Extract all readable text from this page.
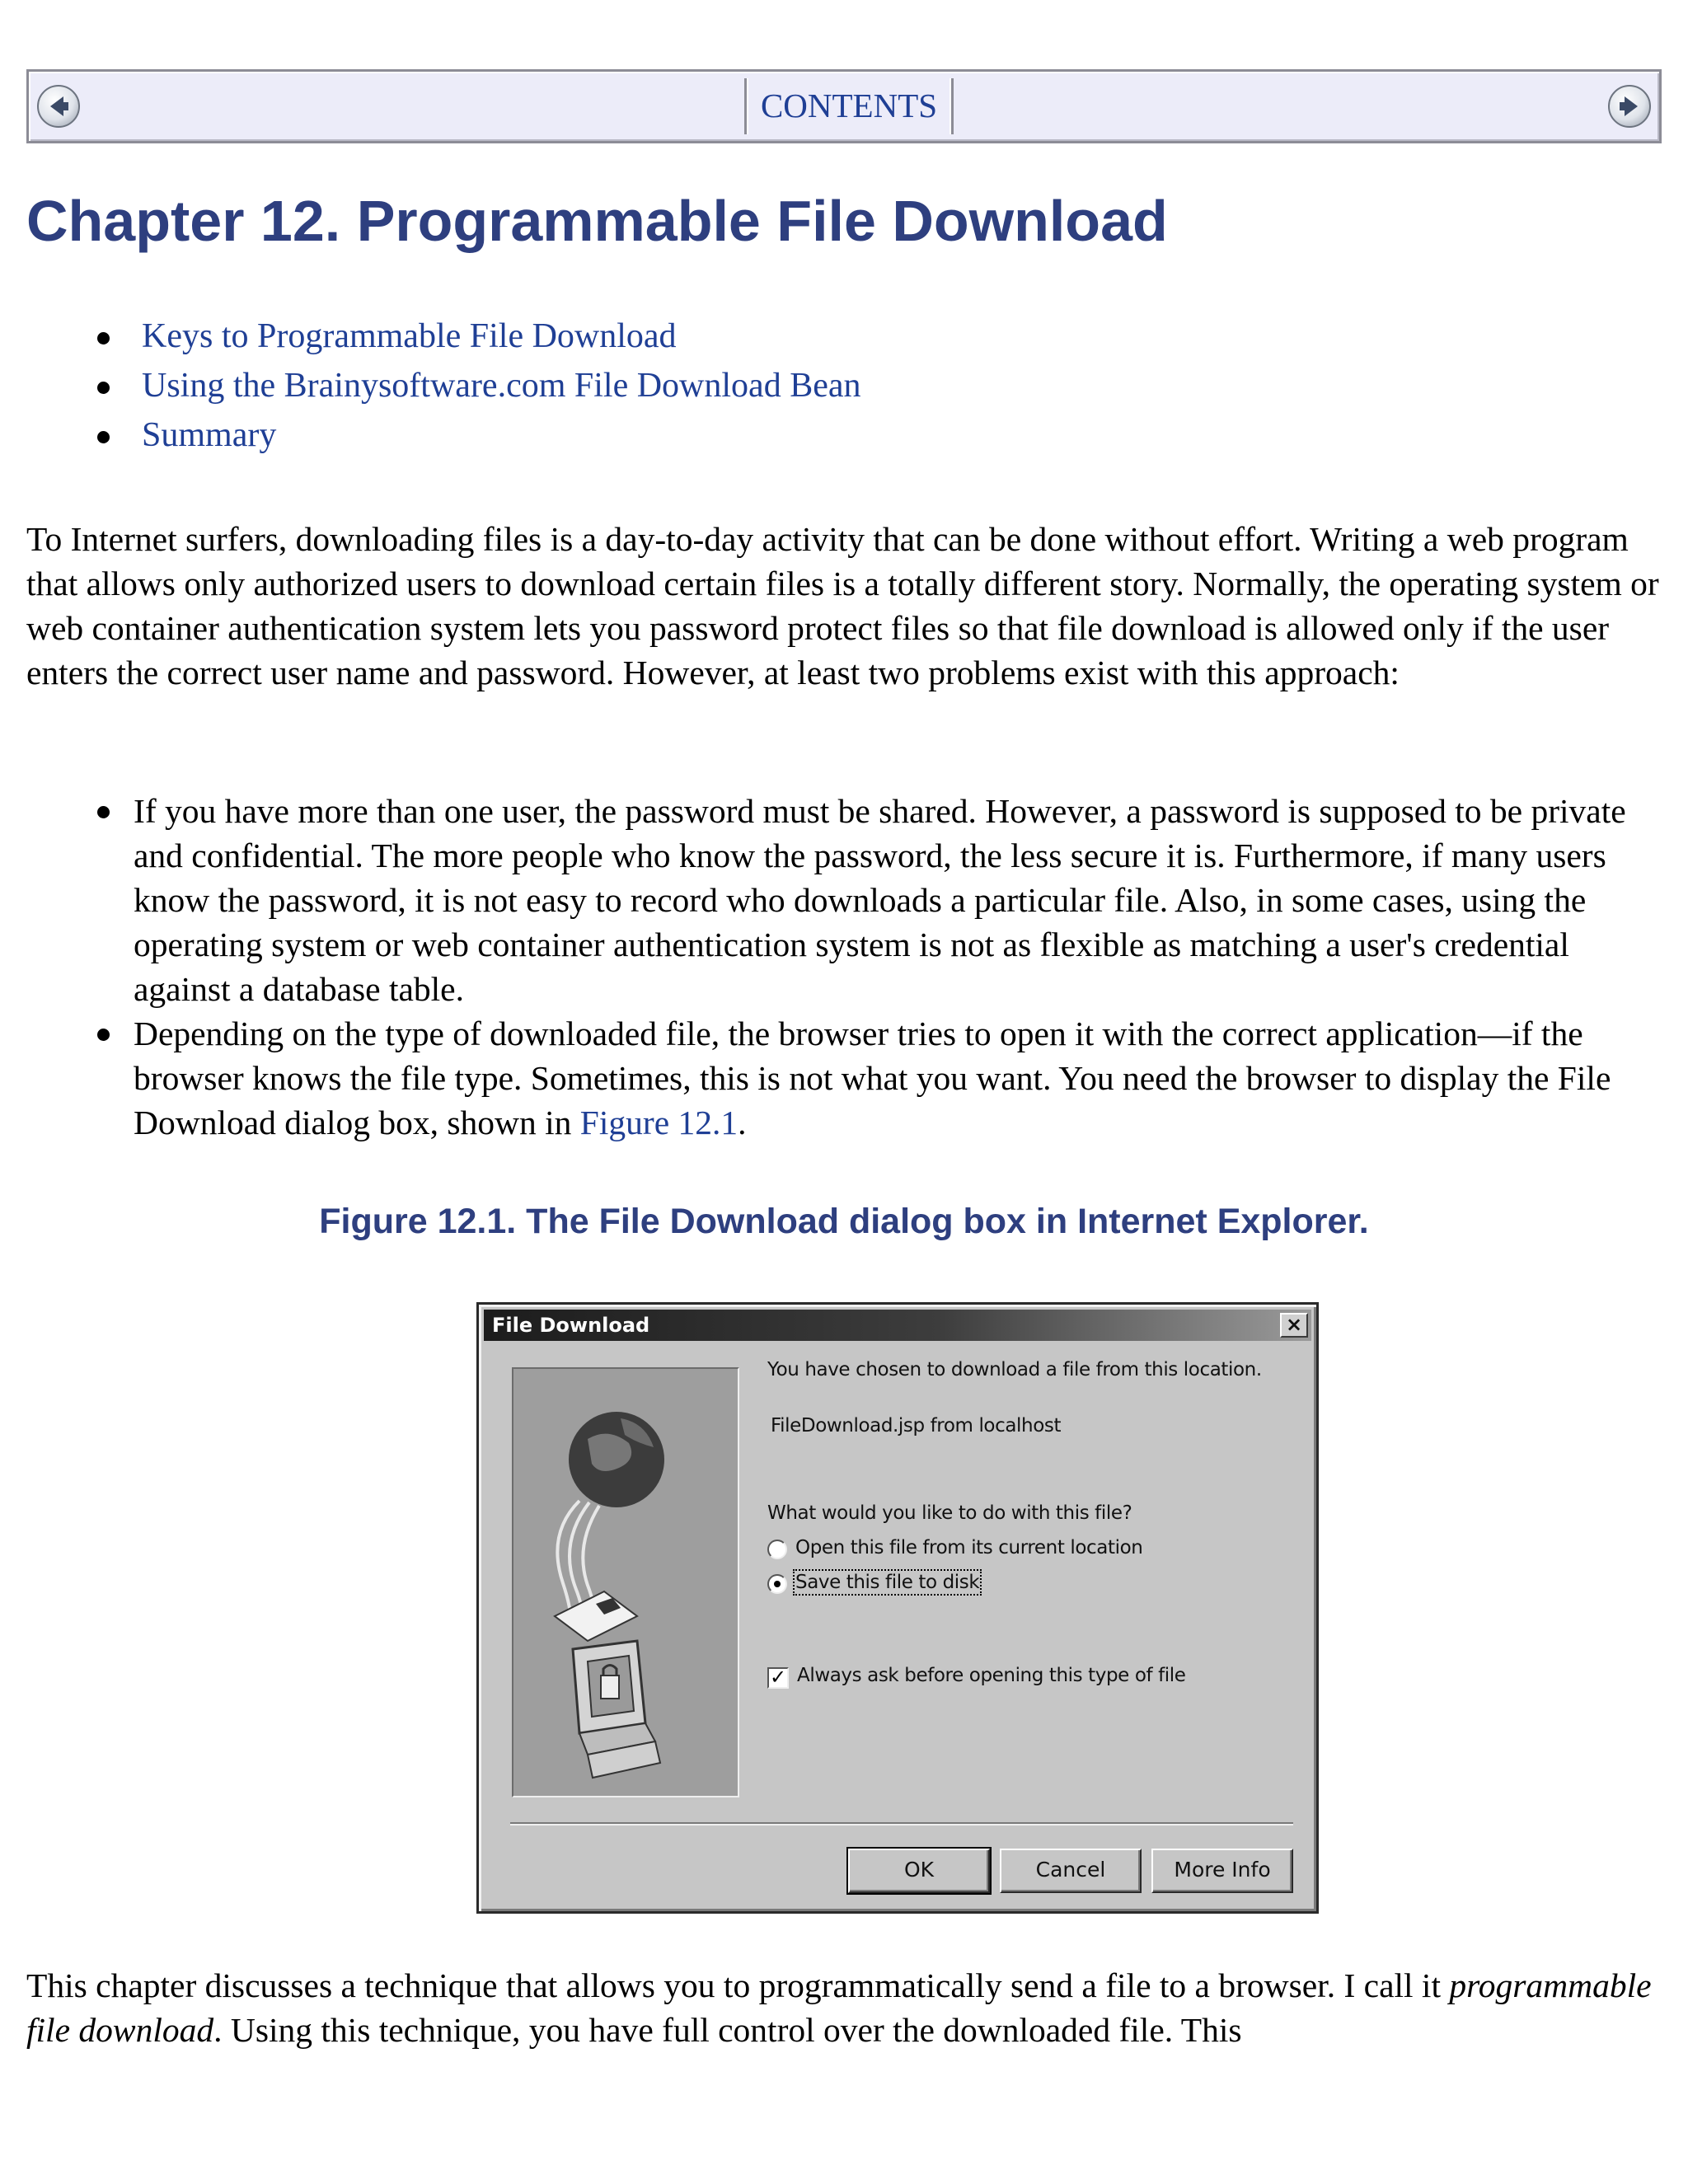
CONTENTS
Chapter 12. Programmable File Download
Keys to Programmable File Download
Using the Brainysoftware.com File Download Bean
Summary

To Internet surfers, downloading files is a day-to-day activity that can be done without effort. Writing a web program that allows only authorized users to download certain files is a totally different story. Normally, the operating system or web container authentication system lets you password protect files so that file download is allowed only if the user enters the correct user name and password. However, at least two problems exist with this approach:

If you have more than one user, the password must be shared. However, a password is supposed to be private and confidential. The more people who know the password, the less secure it is. Furthermore, if many users know the password, it is not easy to record who downloads a particular file. Also, in some cases, using the operating system or web container authentication system is not as flexible as matching a user's credential against a database table.
Depending on the type of downloaded file, the browser tries to open it with the correct application—if the browser knows the file type. Sometimes, this is not what you want. You need the browser to display the File Download dialog box, shown in Figure 12.1.

Figure 12.1. The File Download dialog box in Internet Explorer.

File Download	×
You have chosen to download a file from this location.
FileDownload.jsp from localhost
What would you like to do with this file?
Open this file from its current location
Save this file to disk
✓ Always ask before opening this type of file
OK	Cancel	More Info

This chapter discusses a technique that allows you to programmatically send a file to a browser. I call it programmable file download. Using this technique, you have full control over the downloaded file. This
